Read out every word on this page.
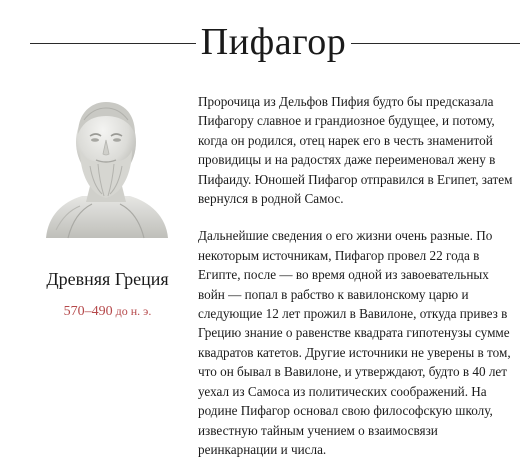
Пифагор
Древняя Греция
570–490 до н. э.

Пророчица из Дельфов Пифия будто бы предсказала Пифагору славное и грандиозное будущее, и потому, когда он родился, отец нарек его в честь знаменитой провидицы и на радостях даже переименовал жену в Пифаиду. Юношей Пифагор отправился в Египет, затем вернулся в родной Самос.

Дальнейшие сведения о его жизни очень разные. По некоторым источникам, Пифагор провел 22 года в Египте, после — во время одной из завоевательных войн — попал в рабство к вавилонскому царю и следующие 12 лет прожил в Вавилоне, откуда привез в Грецию знание о равенстве квадрата гипотенузы сумме квадратов катетов. Другие источники не уверены в том, что он бывал в Вавилоне, и утверждают, будто в 40 лет уехал из Самоса из политических соображений. На родине Пифагор основал свою философскую школу, известную тайным учением о взаимосвязи реинкарнации и числа.
